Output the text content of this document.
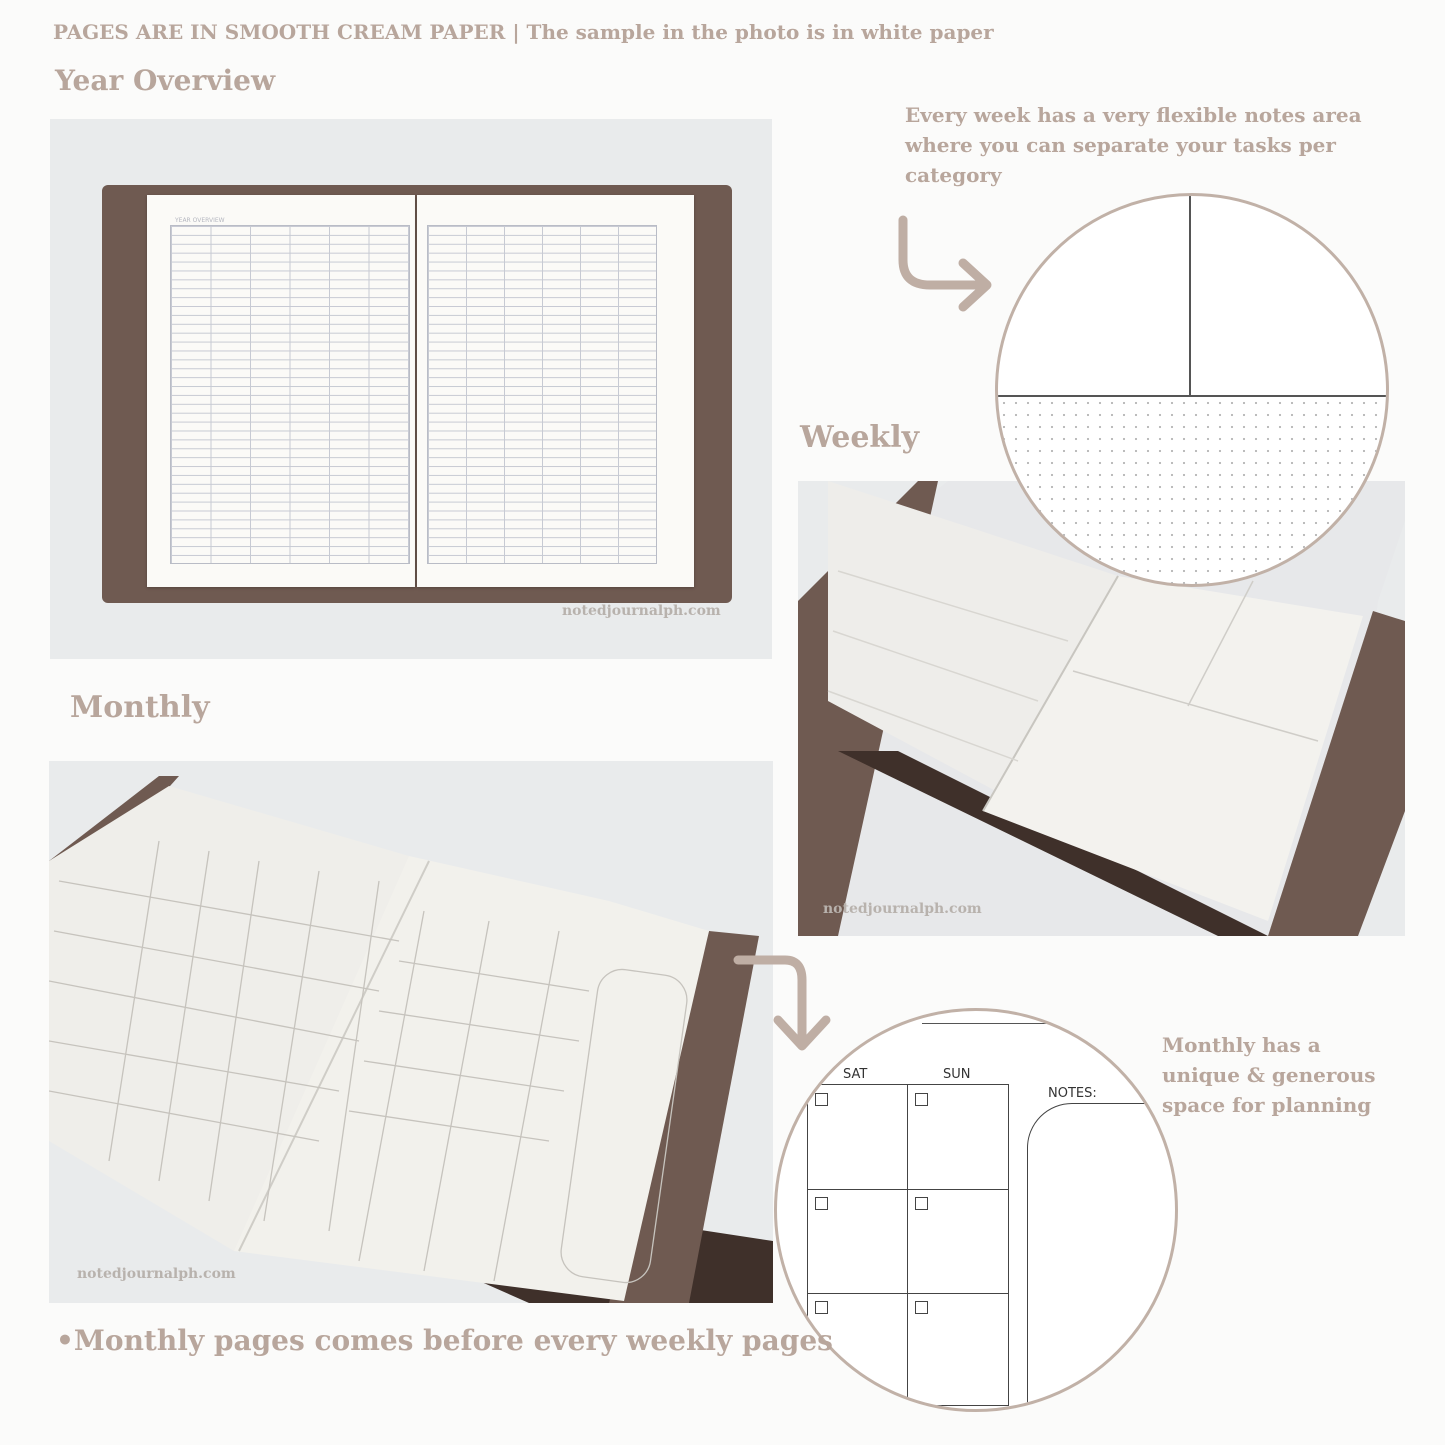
PAGES ARE IN SMOOTH CREAM PAPER | The sample in the photo is in white paper
Year Overview
YEAR OVERVIEW
notedjournalph.com
Every week has a very flexible notes area where you can separate your tasks per category
Weekly
notedjournalph.com
Monthly
notedjournalph.com
SAT	SUN
NOTES:
Monthly has a unique & generous space for planning
•Monthly pages comes before every weekly pages
